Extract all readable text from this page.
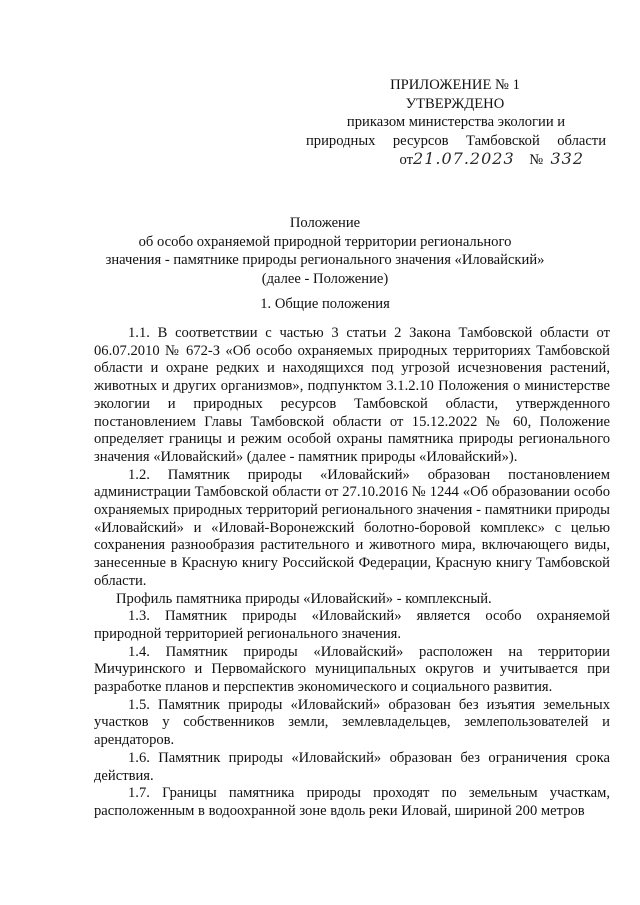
ПРИЛОЖЕНИЕ № 1
УТВЕРЖДЕНО
приказом министерства экологии и
природных ресурсов Тамбовской области
от21.07.2023 № 332
Положение
об особо охраняемой природной территории регионального
значения - памятнике природы регионального значения «Иловайский»
(далее - Положение)
1. Общие положения

1.1. В соответствии с частью 3 статьи 2 Закона Тамбовской области от 06.07.2010 № 672-З «Об особо охраняемых природных территориях Тамбовской области и охране редких и находящихся под угрозой исчезновения растений, животных и других организмов», подпунктом 3.1.2.10 Положения о министерстве экологии и природных ресурсов Тамбовской области, утвержденного постановлением Главы Тамбовской области от 15.12.2022 № 60, Положение определяет границы и режим особой охраны памятника природы регионального значения «Иловайский» (далее - памятник природы «Иловайский»).

1.2. Памятник природы «Иловайский» образован постановлением администрации Тамбовской области от 27.10.2016 № 1244 «Об образовании особо охраняемых природных территорий регионального значения - памятники природы «Иловайский» и «Иловай-Воронежский болотно-боровой комплекс» с целью сохранения разнообразия растительного и животного мира, включающего виды, занесенные в Красную книгу Российской Федерации, Красную книгу Тамбовской области.

Профиль памятника природы «Иловайский» - комплексный.

1.3. Памятник природы «Иловайский» является особо охраняемой природной территорией регионального значения.

1.4. Памятник природы «Иловайский» расположен на территории Мичуринского и Первомайского муниципальных округов и учитывается при разработке планов и перспектив экономического и социального развития.

1.5. Памятник природы «Иловайский» образован без изъятия земельных участков у собственников земли, землевладельцев, землепользователей и арендаторов.

1.6. Памятник природы «Иловайский» образован без ограничения срока действия.

1.7. Границы памятника природы проходят по земельным участкам, расположенным в водоохранной зоне вдоль реки Иловай, шириной 200 метров
